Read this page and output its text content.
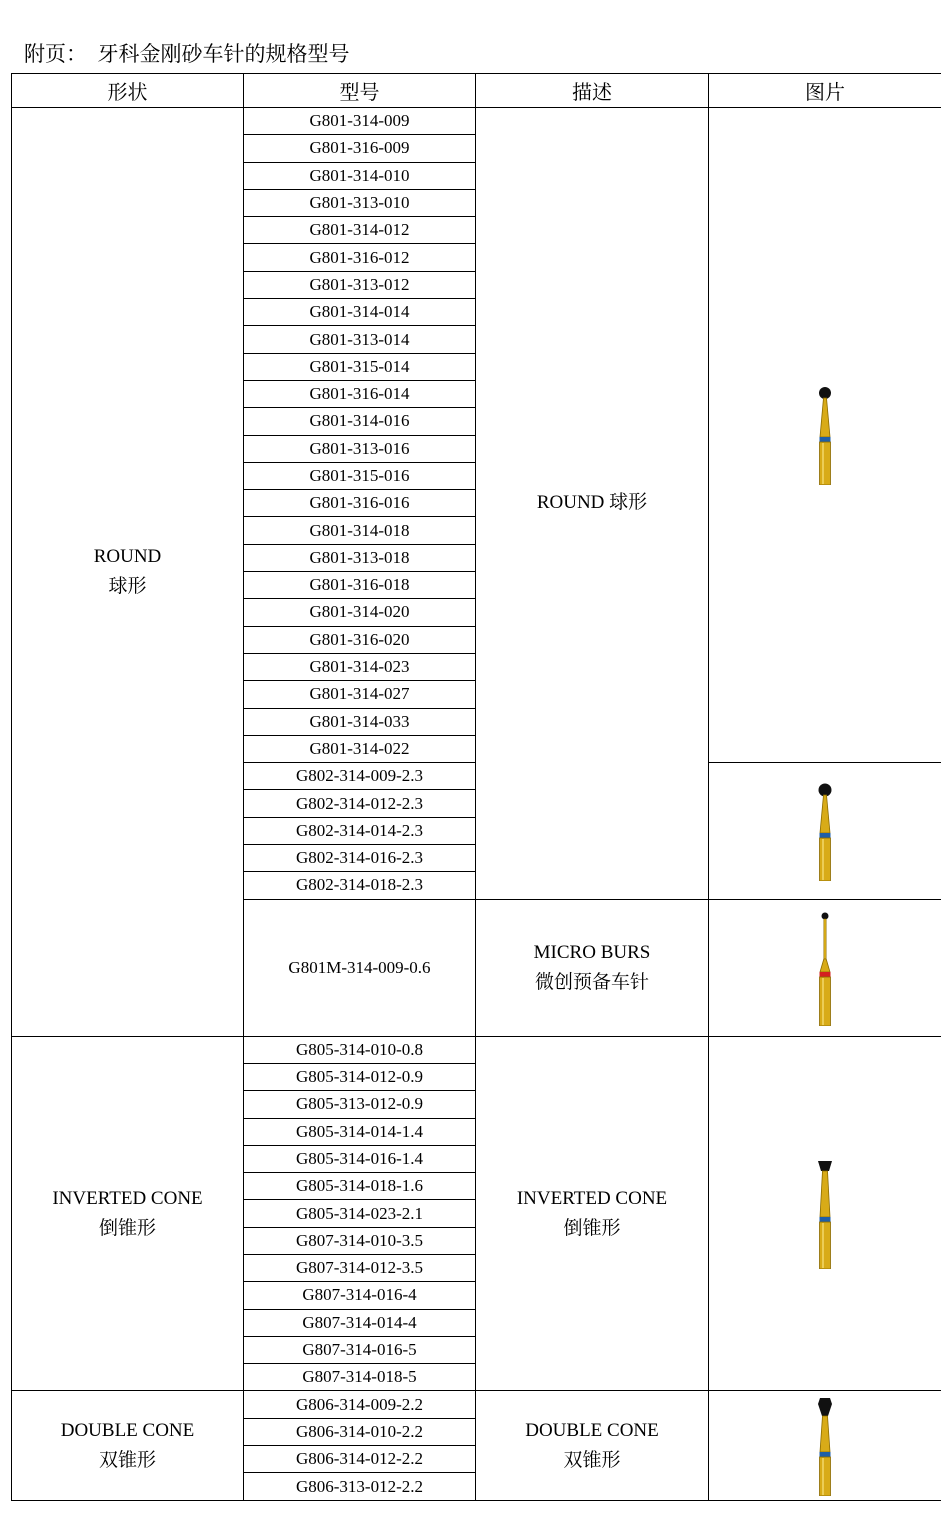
附页：  牙科金刚砂车针的规格型号
形状	型号	描述	图片

ROUND
球形	G801-314-009	ROUND 球形

	G801-316-009		
	G801-314-010		
	G801-313-010		
	G801-314-012		
	G801-316-012		
	G801-313-012		
	G801-314-014		
	G801-313-014		
	G801-315-014		
	G801-316-014		
	G801-314-016		
	G801-313-016		
	G801-315-016		
	G801-316-016		
	G801-314-018		
	G801-313-018		
	G801-316-018		
	G801-314-020		
	G801-316-020		
	G801-314-023		
	G801-314-027		
	G801-314-033		
	G801-314-022		
	G802-314-009-2.3	

	G802-314-012-2.3		
	G802-314-014-2.3		
	G802-314-016-2.3		
	G802-314-018-2.3		
	G801M-314-009-0.6	MICRO BURS
微创预备车针

INVERTED CONE
倒锥形	G805-314-010-0.8	INVERTED CONE
倒锥形

	G805-314-012-0.9		
	G805-313-012-0.9		
	G805-314-014-1.4		
	G805-314-016-1.4		
	G805-314-018-1.6		
	G805-314-023-2.1		
	G807-314-010-3.5		
	G807-314-012-3.5		
	G807-314-016-4		
	G807-314-014-4		
	G807-314-016-5		
	G807-314-018-5		

DOUBLE CONE
双锥形	G806-314-009-2.2	DOUBLE CONE
双锥形

	G806-314-010-2.2		
	G806-314-012-2.2		
	G806-313-012-2.2		
